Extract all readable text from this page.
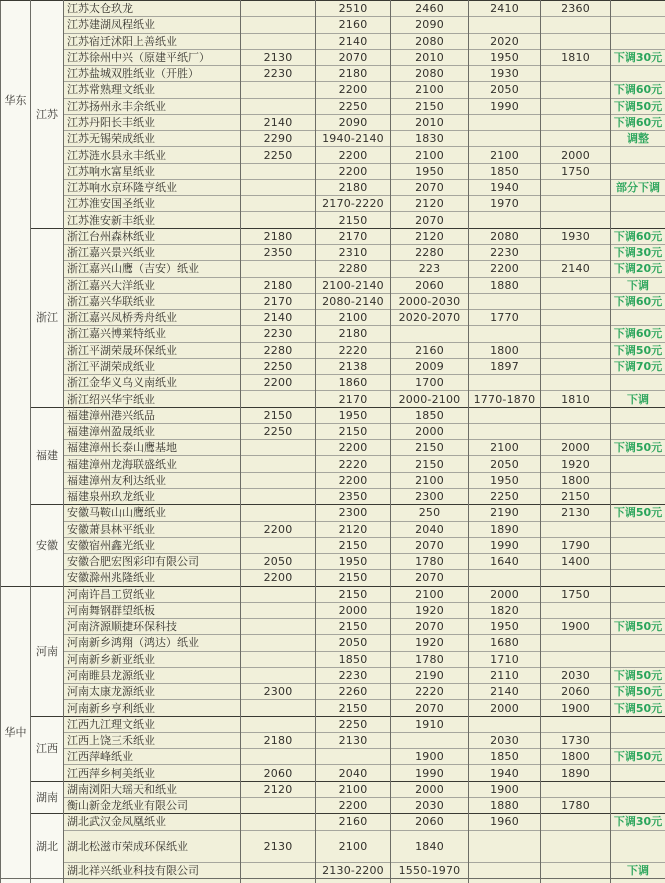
华东	江苏	江苏太仓玖龙		2510	2460	2410	2360	
		江苏建湖凤程纸业		2160	2090			
		江苏宿迁沭阳上善纸业		2140	2080	2020		
		江苏徐州中兴（原建平纸厂）	2130	2070	2010	1950	1810	下调30元
		江苏盐城双胜纸业（开胜）	2230	2180	2080	1930		
		江苏常熟理文纸业		2200	2100	2050		下调60元
		江苏扬州永丰余纸业		2250	2150	1990		下调50元
		江苏丹阳长丰纸业	2140	2090	2010			下调60元
		江苏无锡荣成纸业	2290	1940-2140	1830			调整
		江苏涟水县永丰纸业	2250	2200	2100	2100	2000	
		江苏响水富星纸业		2200	1950	1850	1750	
		江苏响水京环隆亨纸业		2180	2070	1940		部分下调
		江苏淮安国圣纸业		2170-2220	2120	1970		
		江苏淮安新丰纸业		2150	2070			
	浙江	浙江台州森林纸业	2180	2170	2120	2080	1930	下调60元
		浙江嘉兴景兴纸业	2350	2310	2280	2230		下调30元
		浙江嘉兴山鹰（吉安）纸业		2280	223	2200	2140	下调20元
		浙江嘉兴大洋纸业	2180	2100-2140	2060	1880		下调
		浙江嘉兴华联纸业	2170	2080-2140	2000-2030			下调60元
		浙江嘉兴凤桥秀舟纸业	2140	2100	2020-2070	1770		
		浙江嘉兴博莱特纸业	2230	2180				下调60元
		浙江平湖荣晟环保纸业	2280	2220	2160	1800		下调50元
		浙江平湖荣成纸业	2250	2138	2009	1897		下调70元
		浙江金华义乌义南纸业	2200	1860	1700			
		浙江绍兴华宇纸业		2170	2000-2100	1770-1870	1810	下调
	福建	福建漳州港兴纸品	2150	1950	1850			
		福建漳州盈晟纸业	2250	2150	2000			
		福建漳州长泰山鹰基地		2200	2150	2100	2000	下调50元
		福建漳州龙海联盛纸业		2220	2150	2050	1920	
		福建漳州友利达纸业		2200	2100	1950	1800	
		福建泉州玖龙纸业		2350	2300	2250	2150	
	安徽	安徽马鞍山山鹰纸业		2300	250	2190	2130	下调50元
		安徽萧县林平纸业	2200	2120	2040	1890		
		安徽宿州鑫光纸业		2150	2070	1990	1790	
		安徽合肥宏图彩印有限公司	2050	1950	1780	1640	1400	
		安徽滁州兆隆纸业	2200	2150	2070			
华中	河南	河南许昌工贸纸业		2150	2100	2000	1750	
		河南舞钢群望纸板		2000	1920	1820		
		河南济源顺捷环保科技		2150	2070	1950	1900	下调50元
		河南新乡鸿翔（鸿达）纸业		2050	1920	1680		
		河南新乡新亚纸业		1850	1780	1710		
		河南睢县龙源纸业		2230	2190	2110	2030	下调50元
		河南太康龙源纸业	2300	2260	2220	2140	2060	下调50元
		河南新乡亨利纸业		2150	2070	2000	1900	下调50元
	江西	江西九江理文纸业		2250	1910			
		江西上饶三禾纸业	2180	2130		2030	1730	
		江西萍峰纸业			1900	1850	1800	下调50元
		江西萍乡柯美纸业	2060	2040	1990	1940	1890	
	湖南	湖南浏阳大瑶天和纸业	2120	2100	2000	1900		
		衡山新金龙纸业有限公司		2200	2030	1880	1780	
	湖北	湖北武汉金凤凰纸业		2160	2060	1960		下调30元
		湖北松滋市荣成环保纸业	2130	2100	1840			
		湖北祥兴纸业科技有限公司		2130-2200	1550-1970			下调
